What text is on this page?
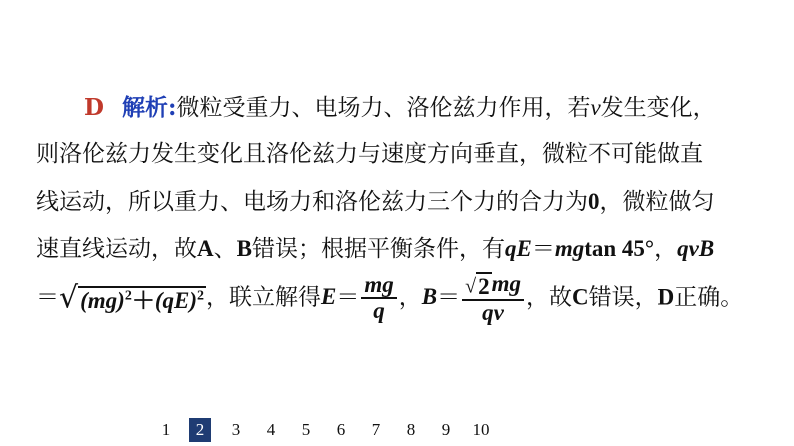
D 解析:微粒受重力、电场力、洛伦兹力作用，若v发生变化，
则洛伦兹力发生变化且洛伦兹力与速度方向垂直，微粒不可能做直
线运动，所以重力、电场力和洛伦兹力三个力的合力为0，微粒做匀
速直线运动，故A、B错误；根据平衡条件，有qE＝mgtan 45°，qvB
＝√(mg)$^2$＋(qE)$^2$，联立解得$E= \frac{mg}{q}$ ，$B= \frac{√2mg}{qv}$ ，故C错误，D正确。
1	2	3	4	5	6	7	8	9	10
